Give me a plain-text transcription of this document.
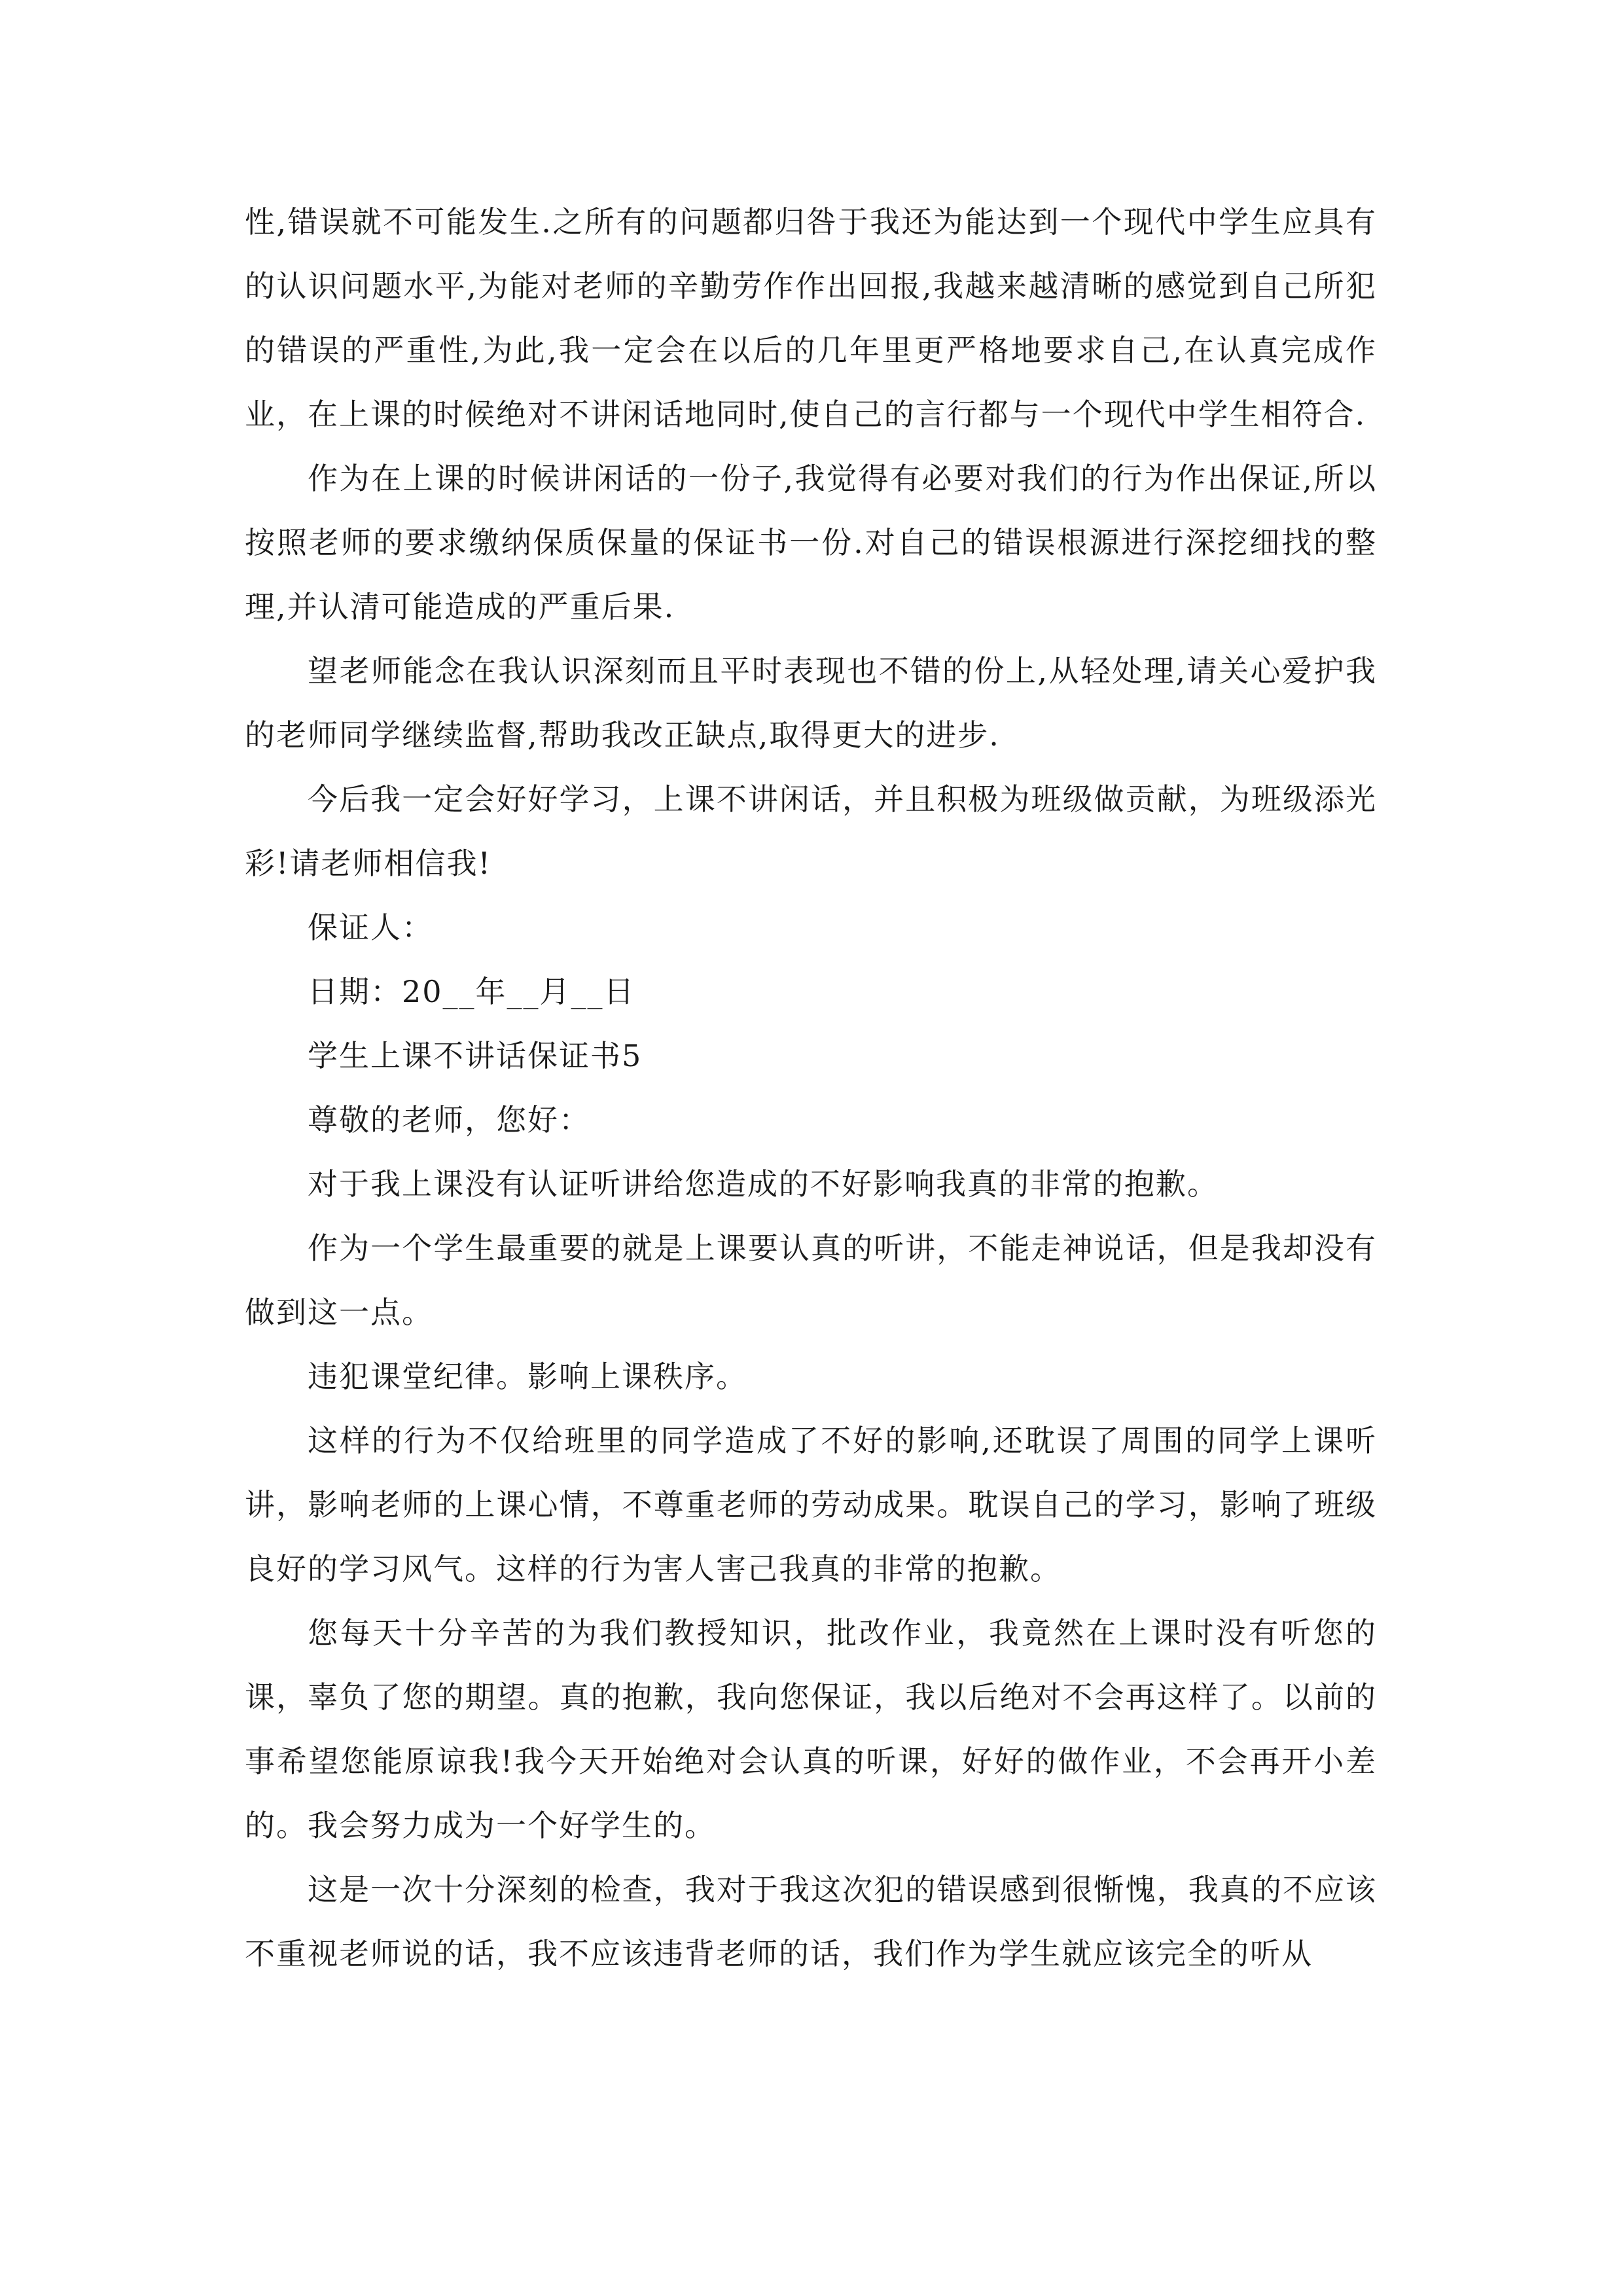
性,错误就不可能发生.之所有的问题都归咎于我还为能达到一个现代中学生应具有的认识问题水平,为能对老师的辛勤劳作作出回报,我越来越清晰的感觉到自己所犯的错误的严重性,为此,我一定会在以后的几年里更严格地要求自己,在认真完成作业，在上课的时候绝对不讲闲话地同时,使自己的言行都与一个现代中学生相符合.

作为在上课的时候讲闲话的一份子,我觉得有必要对我们的行为作出保证,所以按照老师的要求缴纳保质保量的保证书一份.对自己的错误根源进行深挖细找的整理,并认清可能造成的严重后果.

望老师能念在我认识深刻而且平时表现也不错的份上,从轻处理,请关心爱护我的老师同学继续监督,帮助我改正缺点,取得更大的进步.

今后我一定会好好学习，上课不讲闲话，并且积极为班级做贡献，为班级添光彩!请老师相信我!

保证人：

日期：20__年__月__日

学生上课不讲话保证书5

尊敬的老师，您好：

对于我上课没有认证听讲给您造成的不好影响我真的非常的抱歉。

作为一个学生最重要的就是上课要认真的听讲，不能走神说话，但是我却没有做到这一点。

违犯课堂纪律。影响上课秩序。

这样的行为不仅给班里的同学造成了不好的影响,还耽误了周围的同学上课听讲，影响老师的上课心情，不尊重老师的劳动成果。耽误自己的学习，影响了班级良好的学习风气。这样的行为害人害己我真的非常的抱歉。

您每天十分辛苦的为我们教授知识，批改作业，我竟然在上课时没有听您的课，辜负了您的期望。真的抱歉，我向您保证，我以后绝对不会再这样了。以前的事希望您能原谅我!我今天开始绝对会认真的听课，好好的做作业，不会再开小差的。我会努力成为一个好学生的。

这是一次十分深刻的检查，我对于我这次犯的错误感到很惭愧，我真的不应该不重视老师说的话，我不应该违背老师的话，我们作为学生就应该完全的听从
